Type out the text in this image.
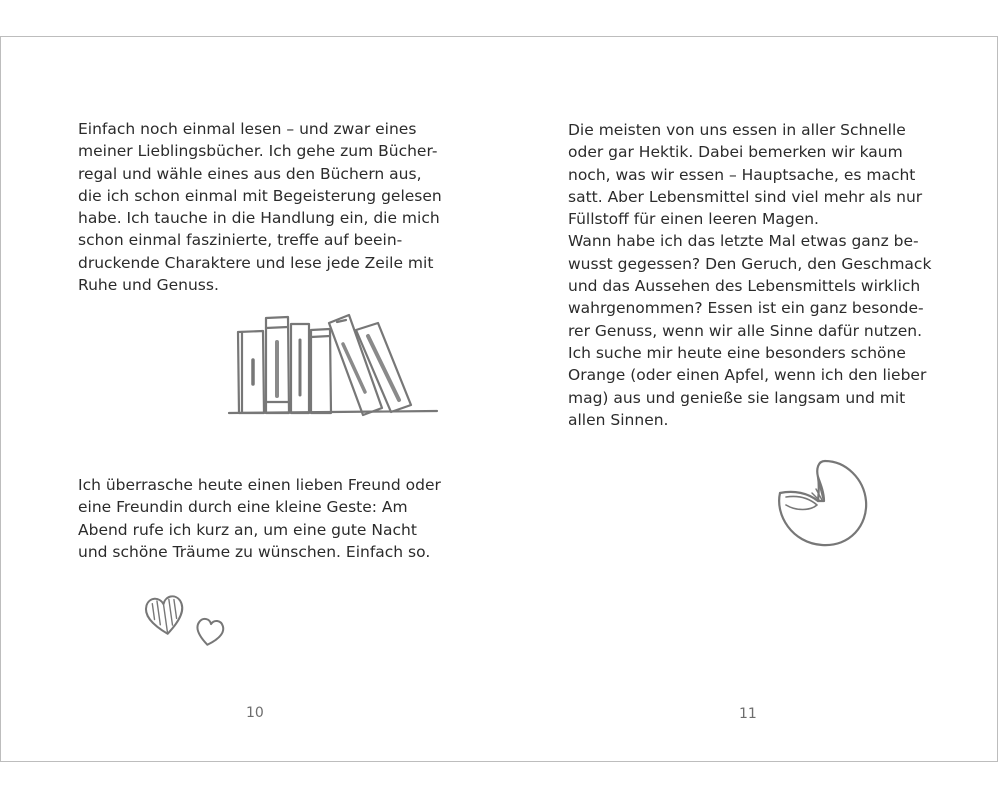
Einfach noch einmal lesen – und zwar eines
meiner Lieblingsbücher. Ich gehe zum Bücher-
regal und wähle eines aus den Büchern aus,
die ich schon einmal mit Begeisterung gelesen
habe. Ich tauche in die Handlung ein, die mich
schon einmal faszinierte, treffe auf beein-
druckende Charaktere und lese jede Zeile mit
Ruhe und Genuss.
Ich überrasche heute einen lieben Freund oder
eine Freundin durch eine kleine Geste: Am
Abend rufe ich kurz an, um eine gute Nacht
und schöne Träume zu wünschen. Einfach so.
10
Die meisten von uns essen in aller Schnelle
oder gar Hektik. Dabei bemerken wir kaum
noch, was wir essen – Hauptsache, es macht
satt. Aber Lebensmittel sind viel mehr als nur
Füllstoff für einen leeren Magen.
Wann habe ich das letzte Mal etwas ganz be-
wusst gegessen? Den Geruch, den Geschmack
und das Aussehen des Lebensmittels wirklich
wahrgenommen? Essen ist ein ganz besonde-
rer Genuss, wenn wir alle Sinne dafür nutzen.
Ich suche mir heute eine besonders schöne
Orange (oder einen Apfel, wenn ich den lieber
mag) aus und genieße sie langsam und mit
allen Sinnen.
11
